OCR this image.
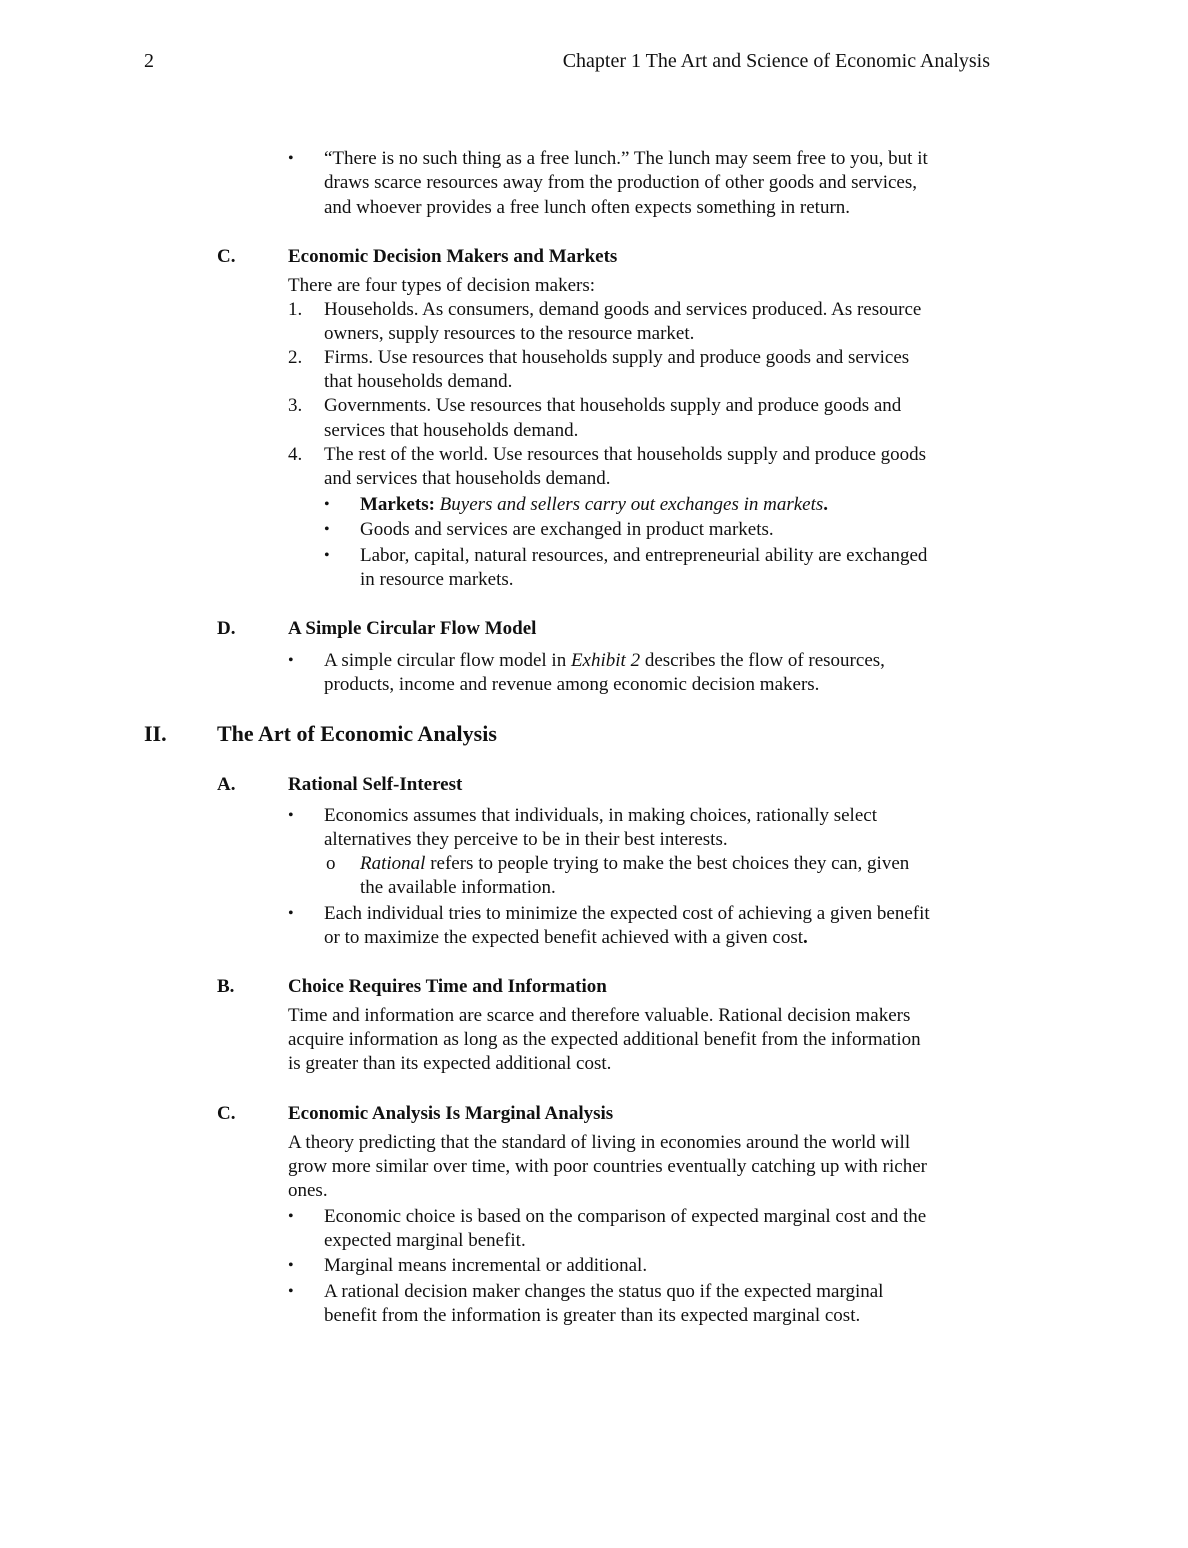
2	Chapter 1 The Art and Science of Economic Analysis
•	“There is no such thing as a free lunch.” The lunch may seem free to you, but it
draws scarce resources away from the production of other goods and services,
and whoever provides a free lunch often expects something in return.
C.	Economic Decision Makers and Markets
There are four types of decision makers:
1. Households. As consumers, demand goods and services produced. As resource
owners, supply resources to the resource market.
2. Firms. Use resources that households supply and produce goods and services
that households demand.
3. Governments. Use resources that households supply and produce goods and
services that households demand.
4. The rest of the world. Use resources that households supply and produce goods
and services that households demand.
•	Markets: Buyers and sellers carry out exchanges in markets.
•	Goods and services are exchanged in product markets.
•	Labor, capital, natural resources, and entrepreneurial ability are exchanged
in resource markets.
D.	A Simple Circular Flow Model
•	A simple circular flow model in Exhibit 2 describes the flow of resources,
products, income and revenue among economic decision makers.
II. The Art of Economic Analysis
A.	Rational Self-Interest
•	Economics assumes that individuals, in making choices, rationally select
alternatives they perceive to be in their best interests.
o Rational refers to people trying to make the best choices they can, given
the available information.
•	Each individual tries to minimize the expected cost of achieving a given benefit
or to maximize the expected benefit achieved with a given cost.
B.	Choice Requires Time and Information
Time and information are scarce and therefore valuable. Rational decision makers
acquire information as long as the expected additional benefit from the information
is greater than its expected additional cost.
C.	Economic Analysis Is Marginal Analysis
A theory predicting that the standard of living in economies around the world will
grow more similar over time, with poor countries eventually catching up with richer
ones.
•	Economic choice is based on the comparison of expected marginal cost and the
expected marginal benefit.
•	Marginal means incremental or additional.
•	A rational decision maker changes the status quo if the expected marginal
benefit from the information is greater than its expected marginal cost.
